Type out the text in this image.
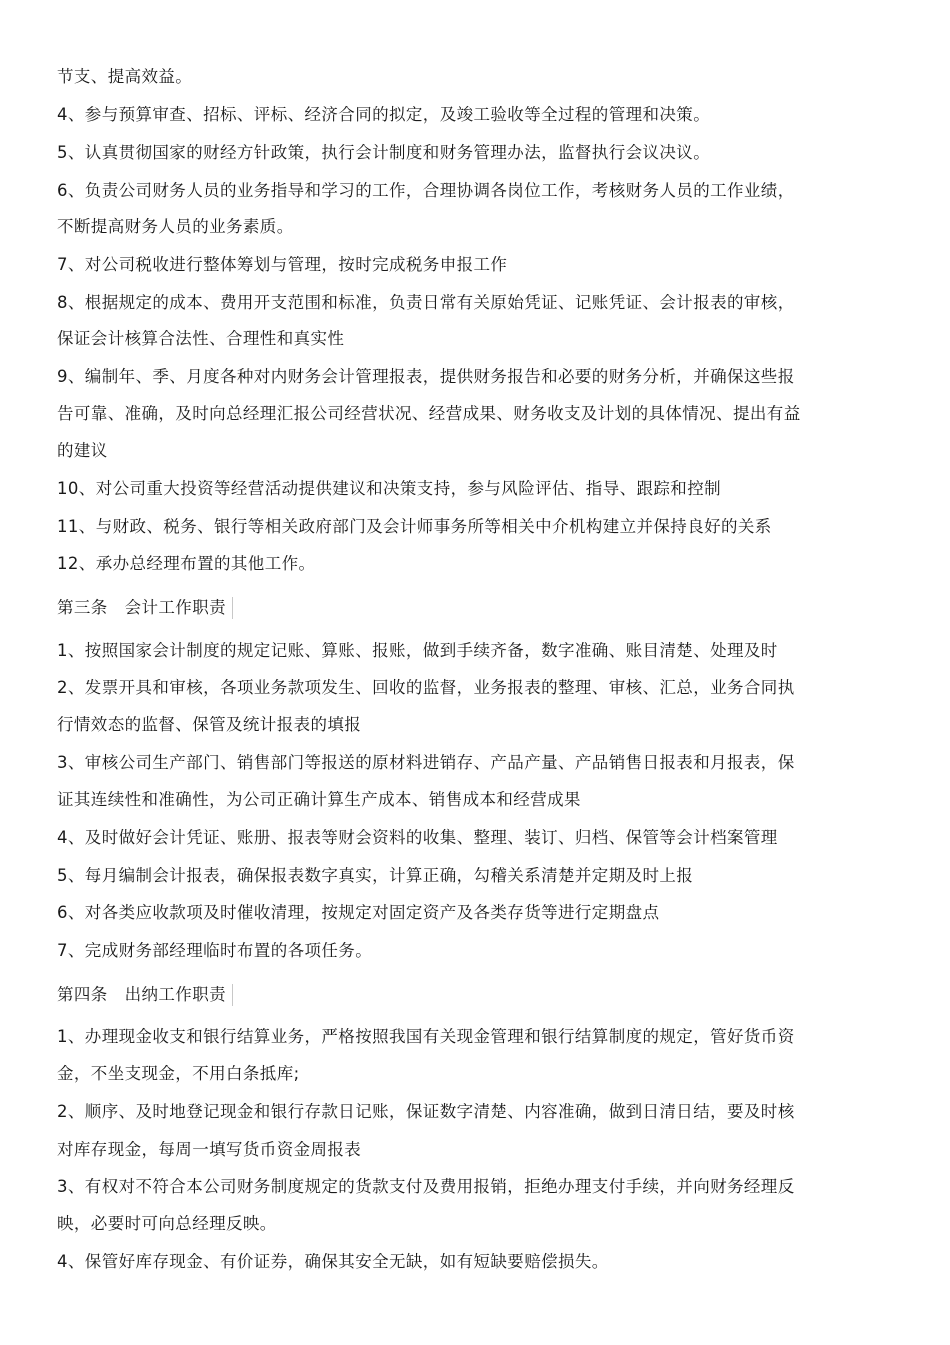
节支、提高效益。
4、参与预算审查、招标、评标、经济合同的拟定，及竣工验收等全过程的管理和决策。
5、认真贯彻国家的财经方针政策，执行会计制度和财务管理办法，监督执行会议决议。
6、负责公司财务人员的业务指导和学习的工作，合理协调各岗位工作，考核财务人员的工作业绩，
不断提高财务人员的业务素质。
7、对公司税收进行整体筹划与管理，按时完成税务申报工作
8、根据规定的成本、费用开支范围和标准，负责日常有关原始凭证、记账凭证、会计报表的审核，
保证会计核算合法性、合理性和真实性
9、编制年、季、月度各种对内财务会计管理报表，提供财务报告和必要的财务分析，并确保这些报
告可靠、准确，及时向总经理汇报公司经营状况、经营成果、财务收支及计划的具体情况、提出有益
的建议
10、对公司重大投资等经营活动提供建议和决策支持，参与风险评估、指导、跟踪和控制
11、与财政、税务、银行等相关政府部门及会计师事务所等相关中介机构建立并保持良好的关系
12、承办总经理布置的其他工作。
第三条　会计工作职责
1、按照国家会计制度的规定记账、算账、报账，做到手续齐备，数字准确、账目清楚、处理及时
2、发票开具和审核，各项业务款项发生、回收的监督，业务报表的整理、审核、汇总，业务合同执
行情效态的监督、保管及统计报表的填报
3、审核公司生产部门、销售部门等报送的原材料进销存、产品产量、产品销售日报表和月报表，保
证其连续性和准确性，为公司正确计算生产成本、销售成本和经营成果
4、及时做好会计凭证、账册、报表等财会资料的收集、整理、装订、归档、保管等会计档案管理
5、每月编制会计报表，确保报表数字真实，计算正确，勾稽关系清楚并定期及时上报
6、对各类应收款项及时催收清理，按规定对固定资产及各类存货等进行定期盘点
7、完成财务部经理临时布置的各项任务。
第四条　出纳工作职责
1、办理现金收支和银行结算业务，严格按照我国有关现金管理和银行结算制度的规定，管好货币资
金，不坐支现金，不用白条抵库;
2、顺序、及时地登记现金和银行存款日记账，保证数字清楚、内容准确，做到日清日结，要及时核
对库存现金，每周一填写货币资金周报表
3、有权对不符合本公司财务制度规定的货款支付及费用报销，拒绝办理支付手续，并向财务经理反
映，必要时可向总经理反映。
4、保管好库存现金、有价证券，确保其安全无缺，如有短缺要赔偿损失。
